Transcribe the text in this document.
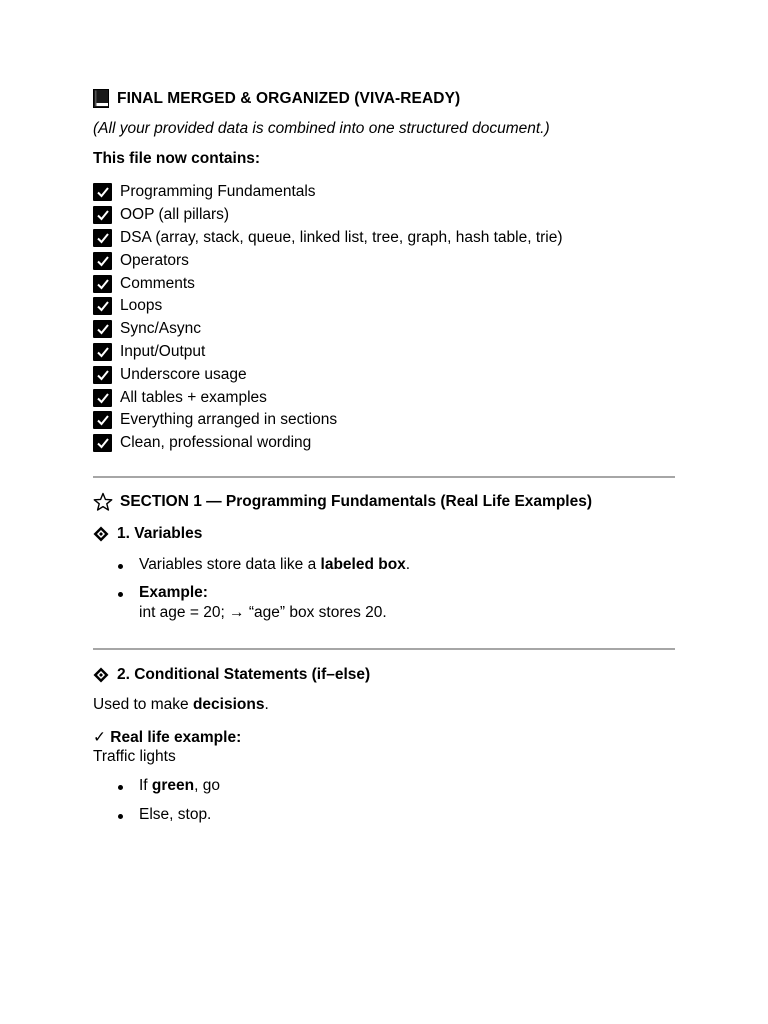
FINAL MERGED & ORGANIZED (VIVA-READY)
(All your provided data is combined into one structured document.)
This file now contains:
Programming Fundamentals
OOP (all pillars)
DSA (array, stack, queue, linked list, tree, graph, hash table, trie)
Operators
Comments
Loops
Sync/Async
Input/Output
Underscore usage
All tables + examples
Everything arranged in sections
Clean, professional wording
SECTION 1 — Programming Fundamentals (Real Life Examples)
1. Variables
Variables store data like a labeled box.
Example:
int age = 20; → “age” box stores 20.
2. Conditional Statements (if–else)
Used to make decisions.
✓ Real life example:
Traffic lights
If green, go
Else, stop.
